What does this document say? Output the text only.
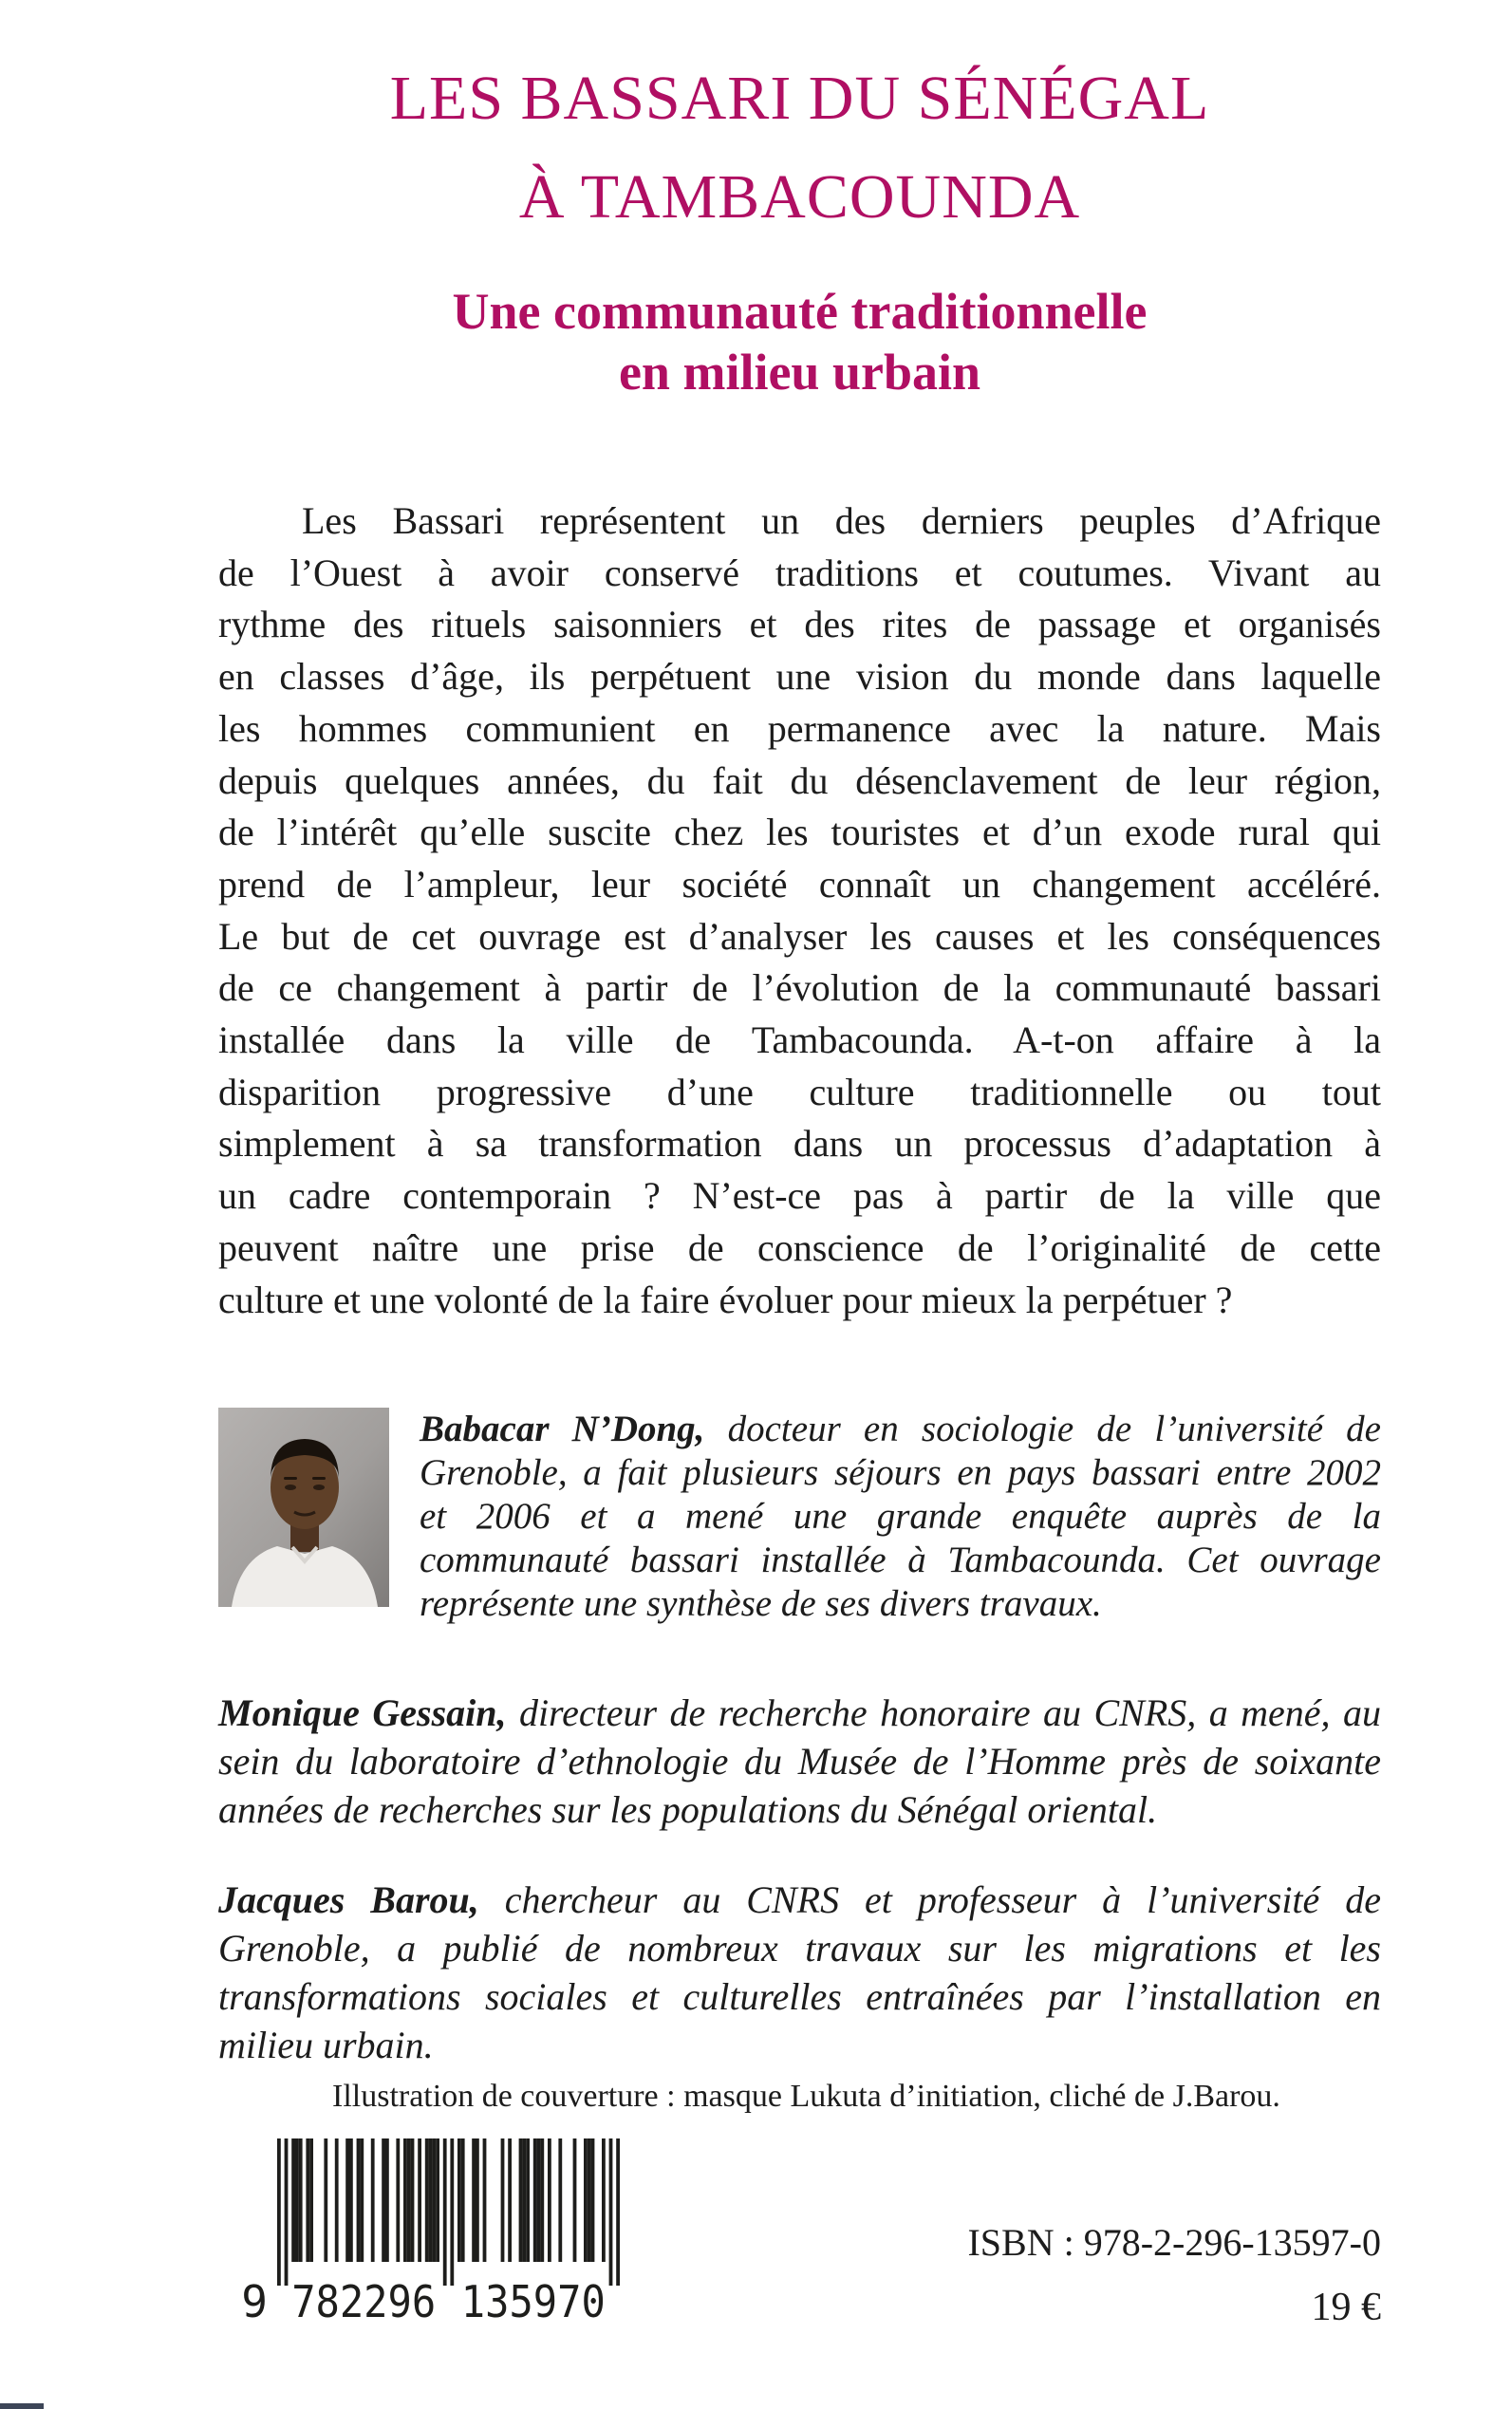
LES BASSARI DU SÉNÉGAL
À TAMBACOUNDA
Une communauté traditionnelle
en milieu urbain
Les Bassari représentent un des derniers peuples d’Afrique
de l’Ouest à avoir conservé traditions et coutumes. Vivant au
rythme des rituels saisonniers et des rites de passage et organisés
en classes d’âge, ils perpétuent une vision du monde dans laquelle
les hommes communient en permanence avec la nature. Mais
depuis quelques années, du fait du désenclavement de leur région,
de l’intérêt qu’elle suscite chez les touristes et d’un exode rural qui
prend de l’ampleur, leur société connaît un changement accéléré.
Le but de cet ouvrage est d’analyser les causes et les conséquences
de ce changement à partir de l’évolution de la communauté bassari
installée dans la ville de Tambacounda. A-t-on affaire à la
disparition progressive d’une culture traditionnelle ou tout
simplement à sa transformation dans un processus d’adaptation à
un cadre contemporain ? N’est-ce pas à partir de la ville que
peuvent naître une prise de conscience de l’originalité de cette
culture et une volonté de la faire évoluer pour mieux la perpétuer ?
Babacar N’Dong, docteur en sociologie de l’université de
Grenoble, a fait plusieurs séjours en pays bassari entre 2002
et 2006 et a mené une grande enquête auprès de la
communauté bassari installée à Tambacounda. Cet ouvrage
représente une synthèse de ses divers travaux.
Monique Gessain, directeur de recherche honoraire au CNRS, a mené, au
sein du laboratoire d’ethnologie du Musée de l’Homme près de soixante
années de recherches sur les populations du Sénégal oriental.
Jacques Barou, chercheur au CNRS et professeur à l’université de
Grenoble, a publié de nombreux travaux sur les migrations et les
transformations sociales et culturelles entraînées par l’installation en
milieu urbain.
Illustration de couverture : masque Lukuta d’initiation, cliché de J.Barou.
9 782296 135970
ISBN : 978-2-296-13597-0
19 €
